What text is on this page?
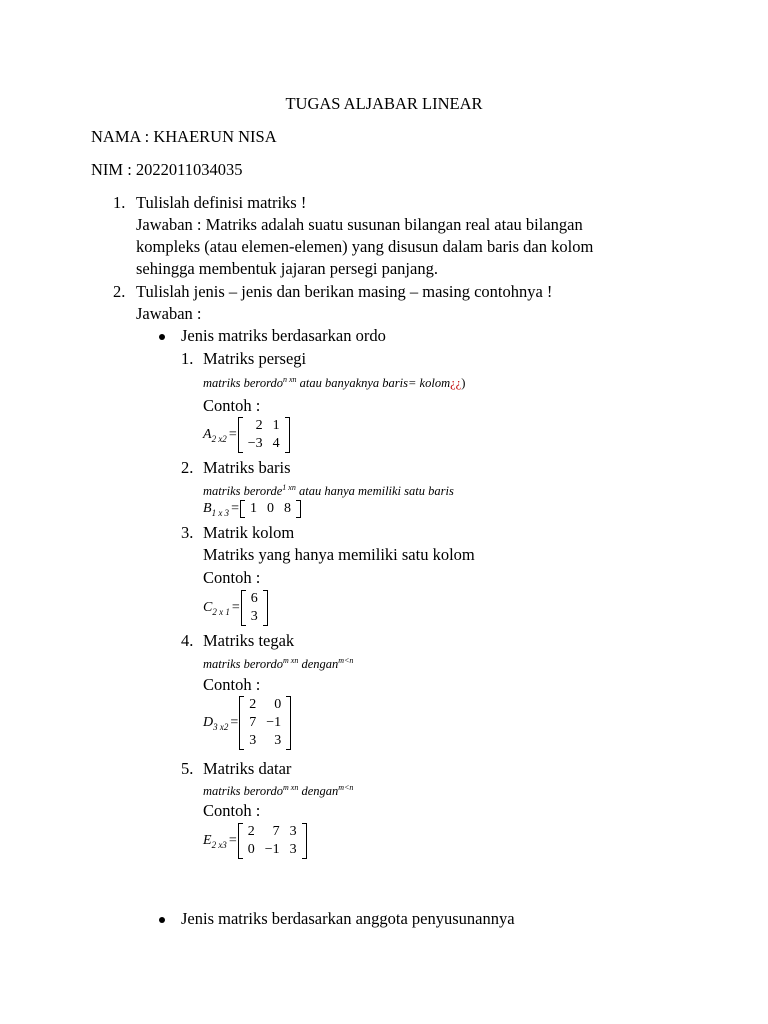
TUGAS ALJABAR LINEAR
NAMA : KHAERUN NISA
NIM : 2022011034035
1. Tulislah definisi matriks !
Jawaban : Matriks adalah suatu susunan bilangan real atau bilangan
kompleks (atau elemen-elemen) yang disusun dalam baris dan kolom
sehingga membentuk jajaran persegi panjang.
2. Tulislah jenis – jenis dan berikan masing – masing contohnya !
Jawaban :
Jenis matriks berdasarkan ordo
1. Matriks persegi
matriks berordo$^{n xn}$ atau banyaknya baris= kolom¿¿)
Contoh :
A 2 x2 =
2	1
−3	4
2. Matriks baris
matriks berorde$^{1 xn}$ atau hanya memiliki satu baris
B 1 x 3 = 1	0	8
3. Matrik kolom
Matriks yang hanya memiliki satu kolom
Contoh :
C 2 x 1 =
6
3
4. Matriks tegak
matriks berordo$^{m xn}$ dengan$^{m<n}$
Contoh :
D 3 x2 =
2	0
7	−1
3	3
5. Matriks datar
matriks berordo$^{m xn}$ dengan$^{m<n}$
Contoh :
E 2 x3 =
2	7	3
0	−1	3
Jenis matriks berdasarkan anggota penyusunannya
